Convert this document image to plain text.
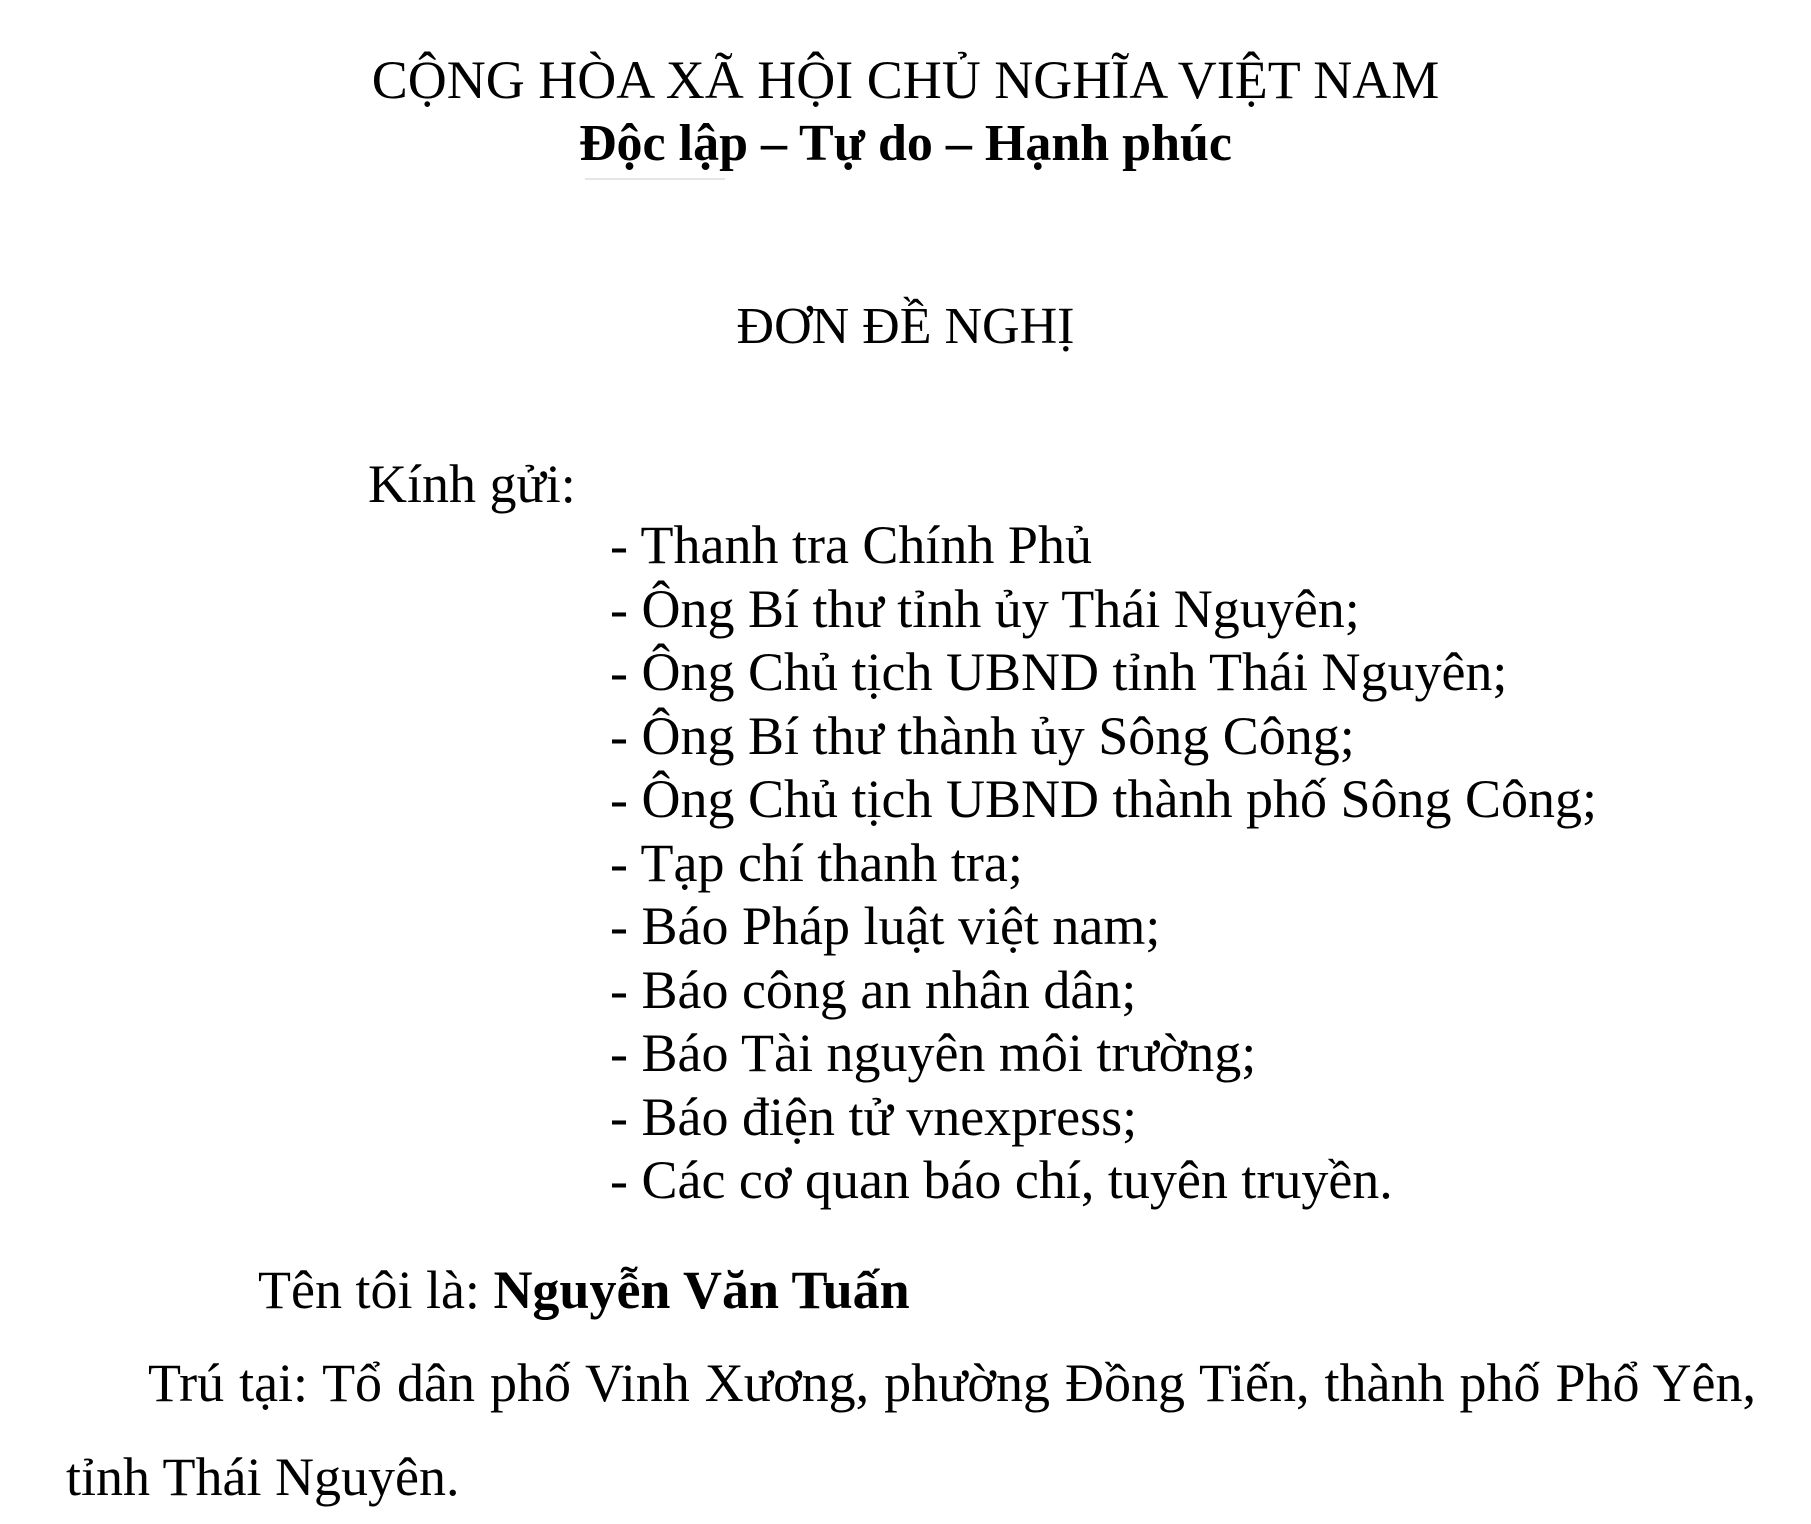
CỘNG HÒA XÃ HỘI CHỦ NGHĨA VIỆT NAM
Độc lập – Tự do – Hạnh phúc
ĐƠN ĐỀ NGHỊ
Kính gửi:
- Thanh tra Chính Phủ
- Ông Bí thư tỉnh ủy Thái Nguyên;
- Ông Chủ tịch UBND tỉnh Thái Nguyên;
- Ông Bí thư thành ủy Sông Công;
- Ông Chủ tịch UBND thành phố Sông Công;
- Tạp chí thanh tra;
- Báo Pháp luật việt nam;
- Báo công an nhân dân;
- Báo Tài nguyên môi trường;
- Báo điện tử vnexpress;
- Các cơ quan báo chí, tuyên truyền.
Tên tôi là: Nguyễn Văn Tuấn

Trú tại: Tổ dân phố Vinh Xương, phường Đồng Tiến, thành phố Phổ Yên, tỉnh Thái Nguyên.
